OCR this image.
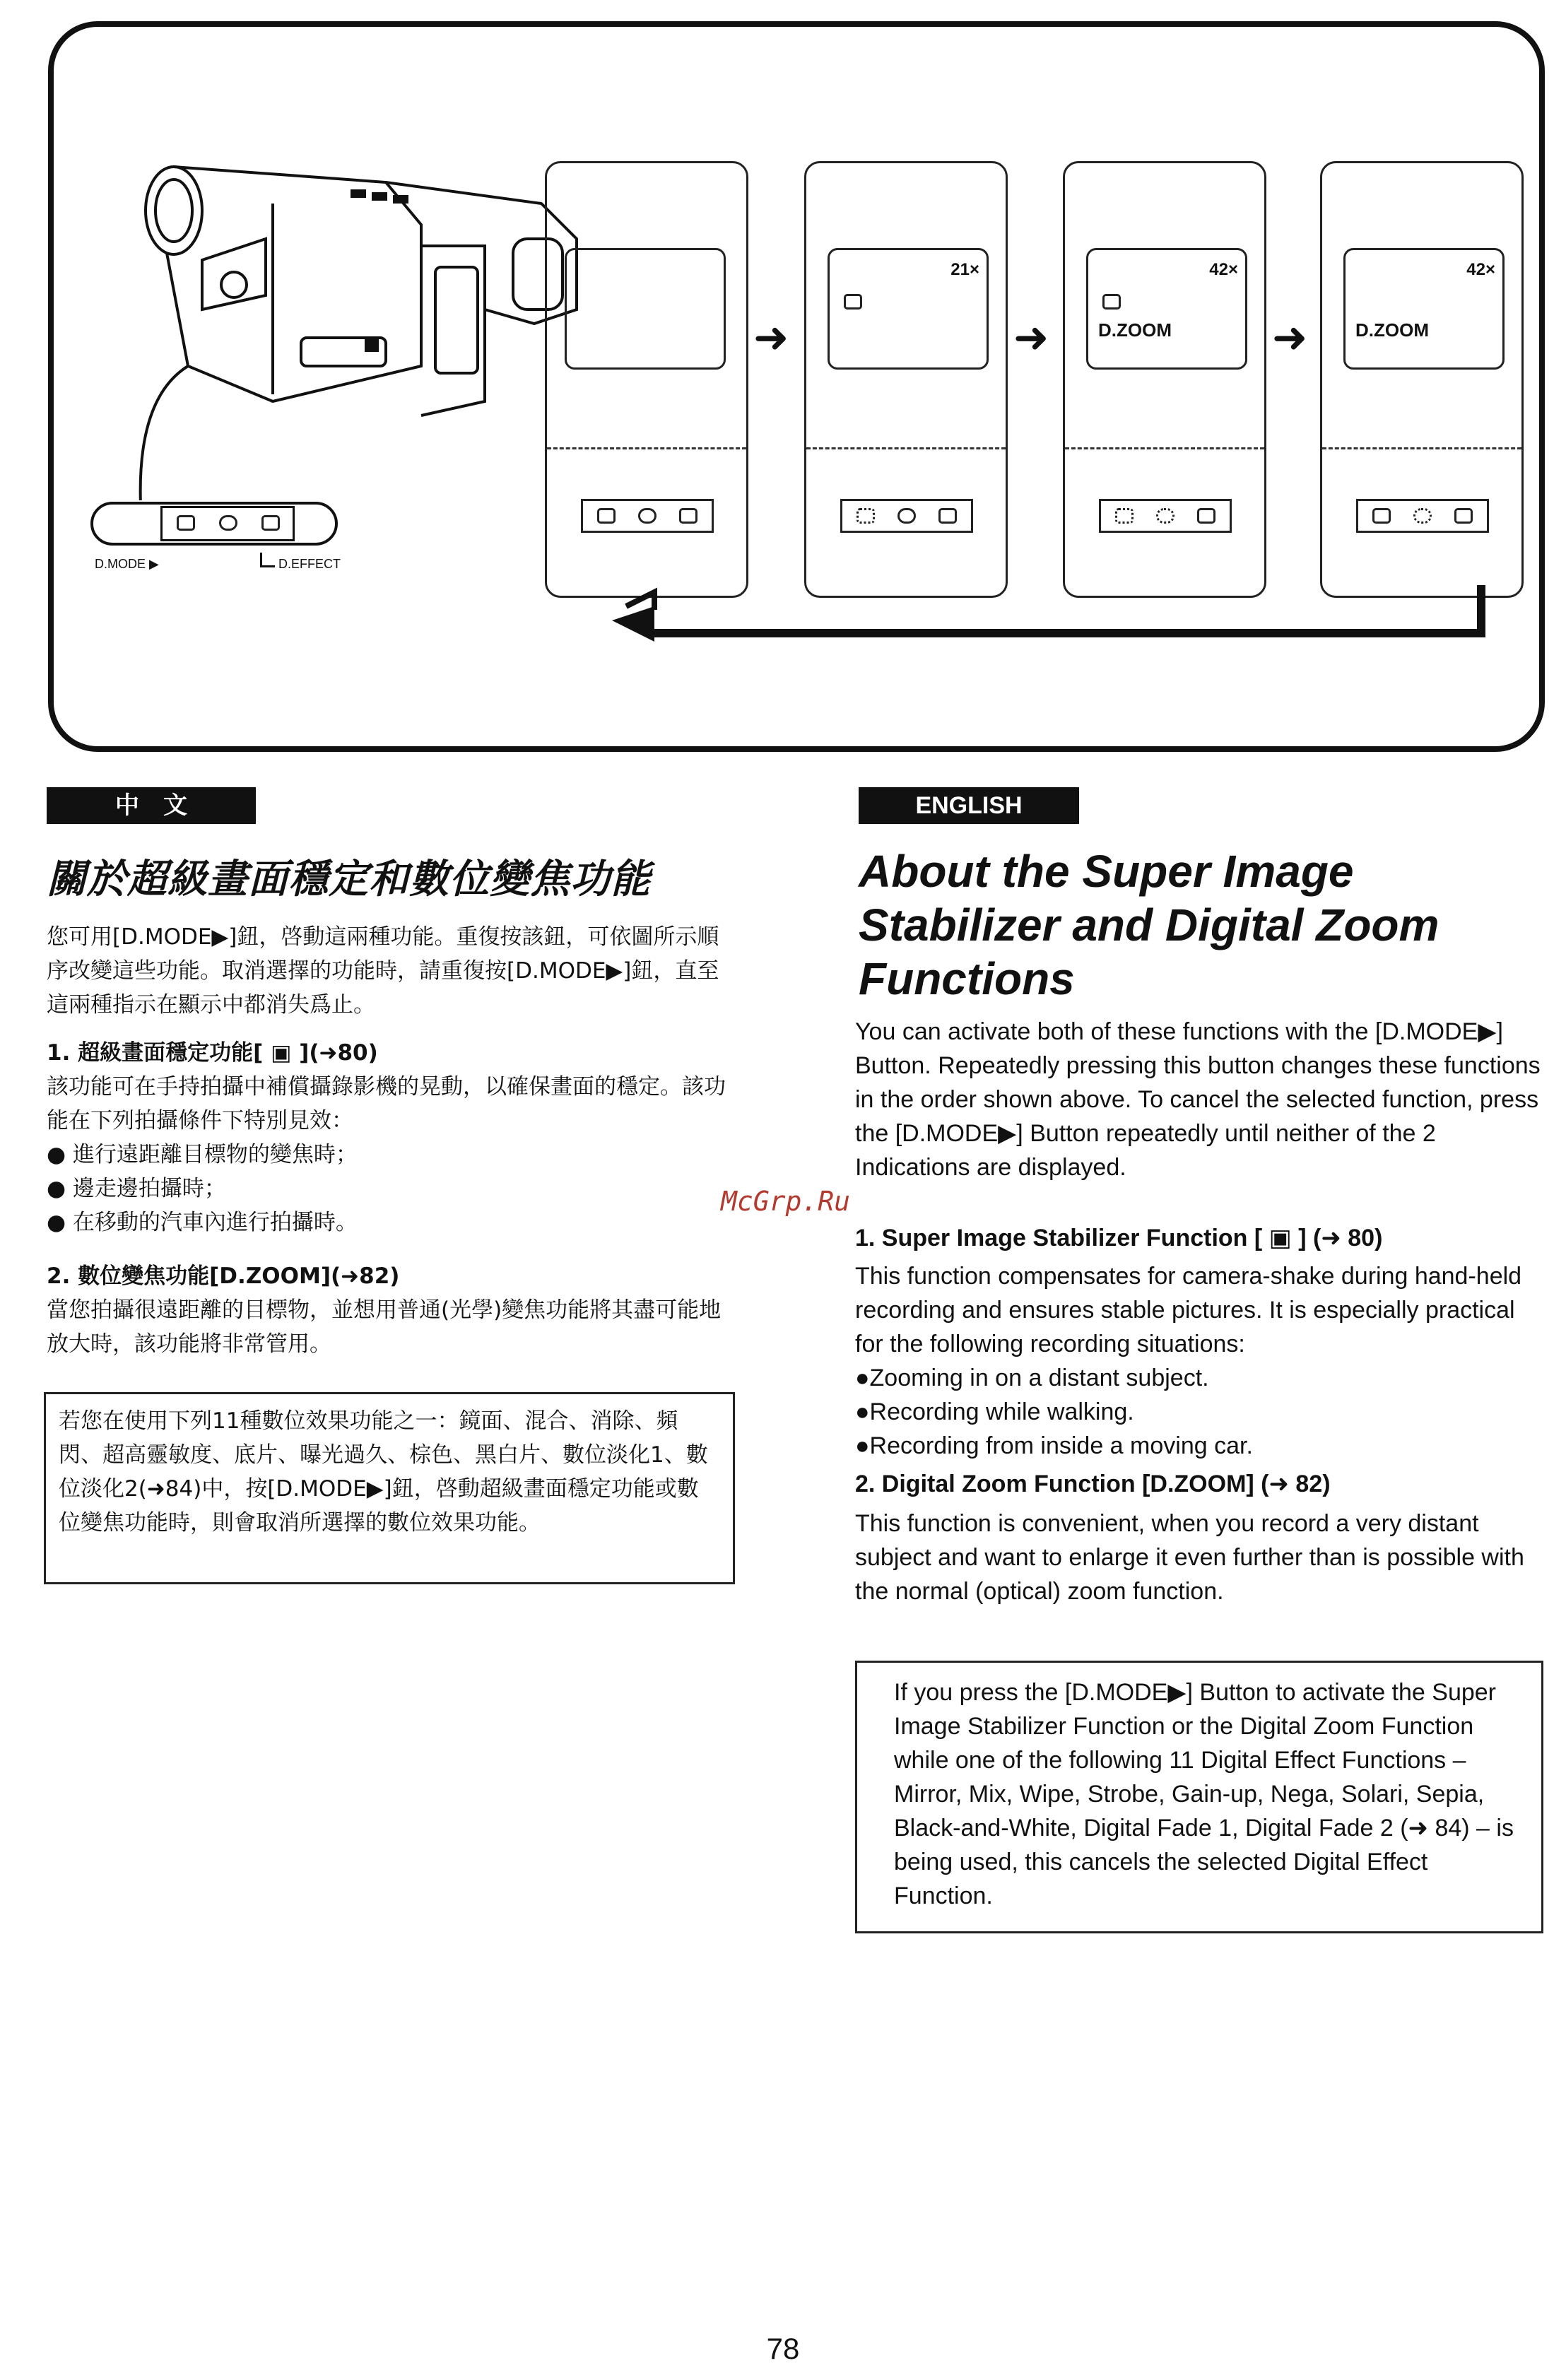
D.MODE ▶	D.EFFECT
➜
21×
➜
42×
D.ZOOM ➜
42×
D.ZOOM
中　文
關於超級畫面穩定和數位變焦功能
您可用[D.MODE▶]鈕，啓動這兩種功能。重復按該鈕，可依圖所示順序改變這些功能。取消選擇的功能時，請重復按[D.MODE▶]鈕，直至這兩種指示在顯示中都消失爲止。
1. 超級畫面穩定功能[ ▣ ](➜80)
該功能可在手持拍攝中補償攝錄影機的晃動，以確保畫面的穩定。該功能在下列拍攝條件下特別見效：
● 進行遠距離目標物的變焦時；
● 邊走邊拍攝時；
● 在移動的汽車內進行拍攝時。
2. 數位變焦功能[D.ZOOM](➜82)
當您拍攝很遠距離的目標物，並想用普通(光學)變焦功能將其盡可能地放大時，該功能將非常管用。
若您在使用下列11種數位效果功能之一：鏡面、混合、消除、頻閃、超高靈敏度、底片、曝光過久、棕色、黑白片、數位淡化1、數位淡化2(➜84)中，按[D.MODE▶]鈕，啓動超級畫面穩定功能或數位變焦功能時，則會取消所選擇的數位效果功能。
ENGLISH
About the Super Image Stabilizer and Digital Zoom Functions
You can activate both of these functions with the [D.MODE▶] Button. Repeatedly pressing this button changes these functions in the order shown above. To cancel the selected function, press the [D.MODE▶] Button repeatedly until neither of the 2 Indications are displayed.
1. Super Image Stabilizer Function [ ▣ ] (➜ 80)
This function compensates for camera-shake during hand-held recording and ensures stable pictures. It is especially practical for the following recording situations:
●Zooming in on a distant subject.
●Recording while walking.
●Recording from inside a moving car.
2. Digital Zoom Function [D.ZOOM] (➜ 82)
This function is convenient, when you record a very distant subject and want to enlarge it even further than is possible with the normal (optical) zoom function.
If you press the [D.MODE▶] Button to activate the Super Image Stabilizer Function or the Digital Zoom Function while one of the following 11 Digital Effect Functions – Mirror, Mix, Wipe, Strobe, Gain-up, Nega, Solari, Sepia, Black-and-White, Digital Fade 1, Digital Fade 2 (➜ 84) – is being used, this cancels the selected Digital Effect Function.
McGrp.Ru
78
